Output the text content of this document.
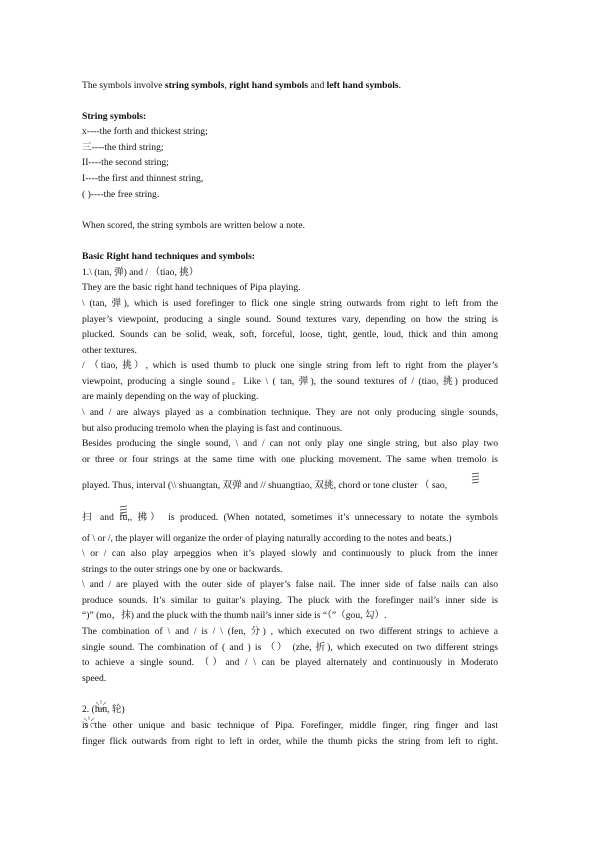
The symbols involve string symbols, right hand symbols and left hand symbols.
String symbols:
x----the forth and thickest string;
三----the third string;
II----the second string;
I----the first and thinnest string,
( )----the free string.
When scored, the string symbols are written below a note.
Basic Right hand techniques and symbols:
1.\ (tan, 弹) and / （tiao, 挑）
They are the basic right hand techniques of Pipa playing.
\ (tan, 弹), which is used forefinger to flick one single string outwards from right to left from the
player’s viewpoint, producing a single sound. Sound textures vary, depending on how the string is
plucked. Sounds can be solid, weak, soft, forceful, loose, tight, gentle, loud, thick and thin among
other textures.
/ （tiao, 挑）, which is used thumb to pluck one single string from left to right from the player’s
viewpoint, producing a single sound。Like \ ( tan, 弹), the sound textures of / (tiao, 挑) produced
are mainly depending on the way of plucking.
\ and / are always played as a combination technique. They are not only producing single sounds,
but also producing tremolo when the playing is fast and continuous.
Besides producing the single sound, \ and / can not only play one single string, but also play two
or three or four strings at the same time with one plucking movement. The same when tremolo is
played. Thus, interval (\\ shuangtan, 双弹 and // shuangtiao, 双挑, chord or tone cluster （ sao,
扫 and fu,, 拂） is produced. (When notated, sometimes it’s unnecessary to notate the symbols
of \ or /, the player will organize the order of playing naturally according to the notes and beats.)
\ or / can also play arpeggios when it’s played slowly and continuously to pluck from the inner
strings to the outer strings one by one or backwards.
\ and / are played with the outer side of player’s false nail. The inner side of false nails can also
produce sounds. It’s similar to guitar’s playing. The pluck with the forefinger nail’s inner side is
“)” (mo，抹) and the pluck with the thumb nail’s inner side is “（”（gou, 勾）.
The combination of \ and / is / \ (fen, 分) , which executed on two different strings to achieve a
single sound. The combination of ( and ) is （） (zhe, 折), which executed on two different strings
to achieve a single sound. （）and / \ can be played alternately and continuously in Moderato
speed.
2. (lun, 轮)
is the other unique and basic technique of Pipa. Forefinger, middle finger, ring finger and last
finger flick outwards from right to left in order, while the thumb picks the string from left to right.
